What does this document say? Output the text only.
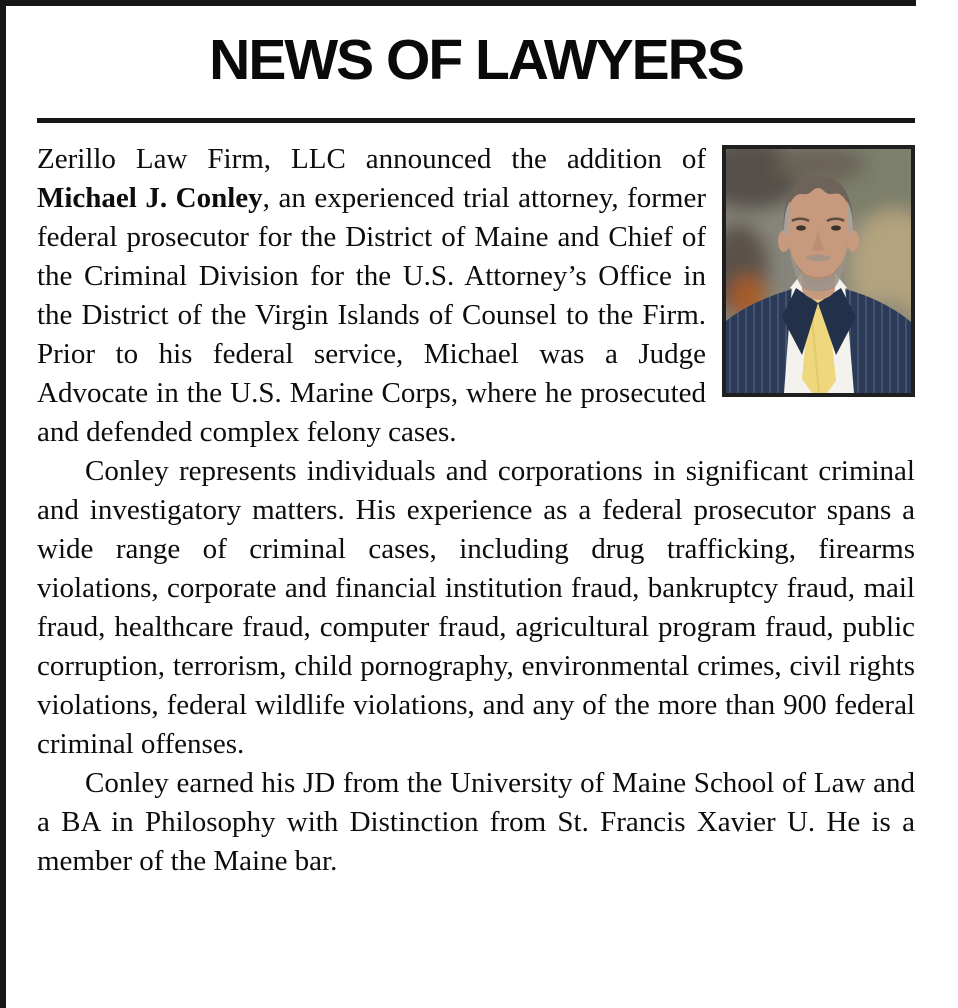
NEWS OF LAWYERS

Zerillo Law Firm, LLC announced the addition of Michael J. Conley, an experienced trial attorney, former federal prosecutor for the District of Maine and Chief of the Criminal Division for the U.S. Attorney’s Office in the District of the Virgin Islands of Counsel to the Firm. Prior to his federal service, Michael was a Judge Advocate in the U.S. Marine Corps, where he prosecuted and defended complex felony cases.

Conley represents individuals and corporations in significant criminal and investigatory matters. His experience as a federal prosecutor spans a wide range of criminal cases, including drug trafficking, firearms violations, corporate and financial institution fraud, bankruptcy fraud, mail fraud, healthcare fraud, computer fraud, agricultural program fraud, public corruption, terrorism, child pornography, environmental crimes, civil rights violations, federal wildlife violations, and any of the more than 900 federal criminal offenses.

Conley earned his JD from the University of Maine School of Law and a BA in Philosophy with Distinction from St. Francis Xavier U. He is a member of the Maine bar.
